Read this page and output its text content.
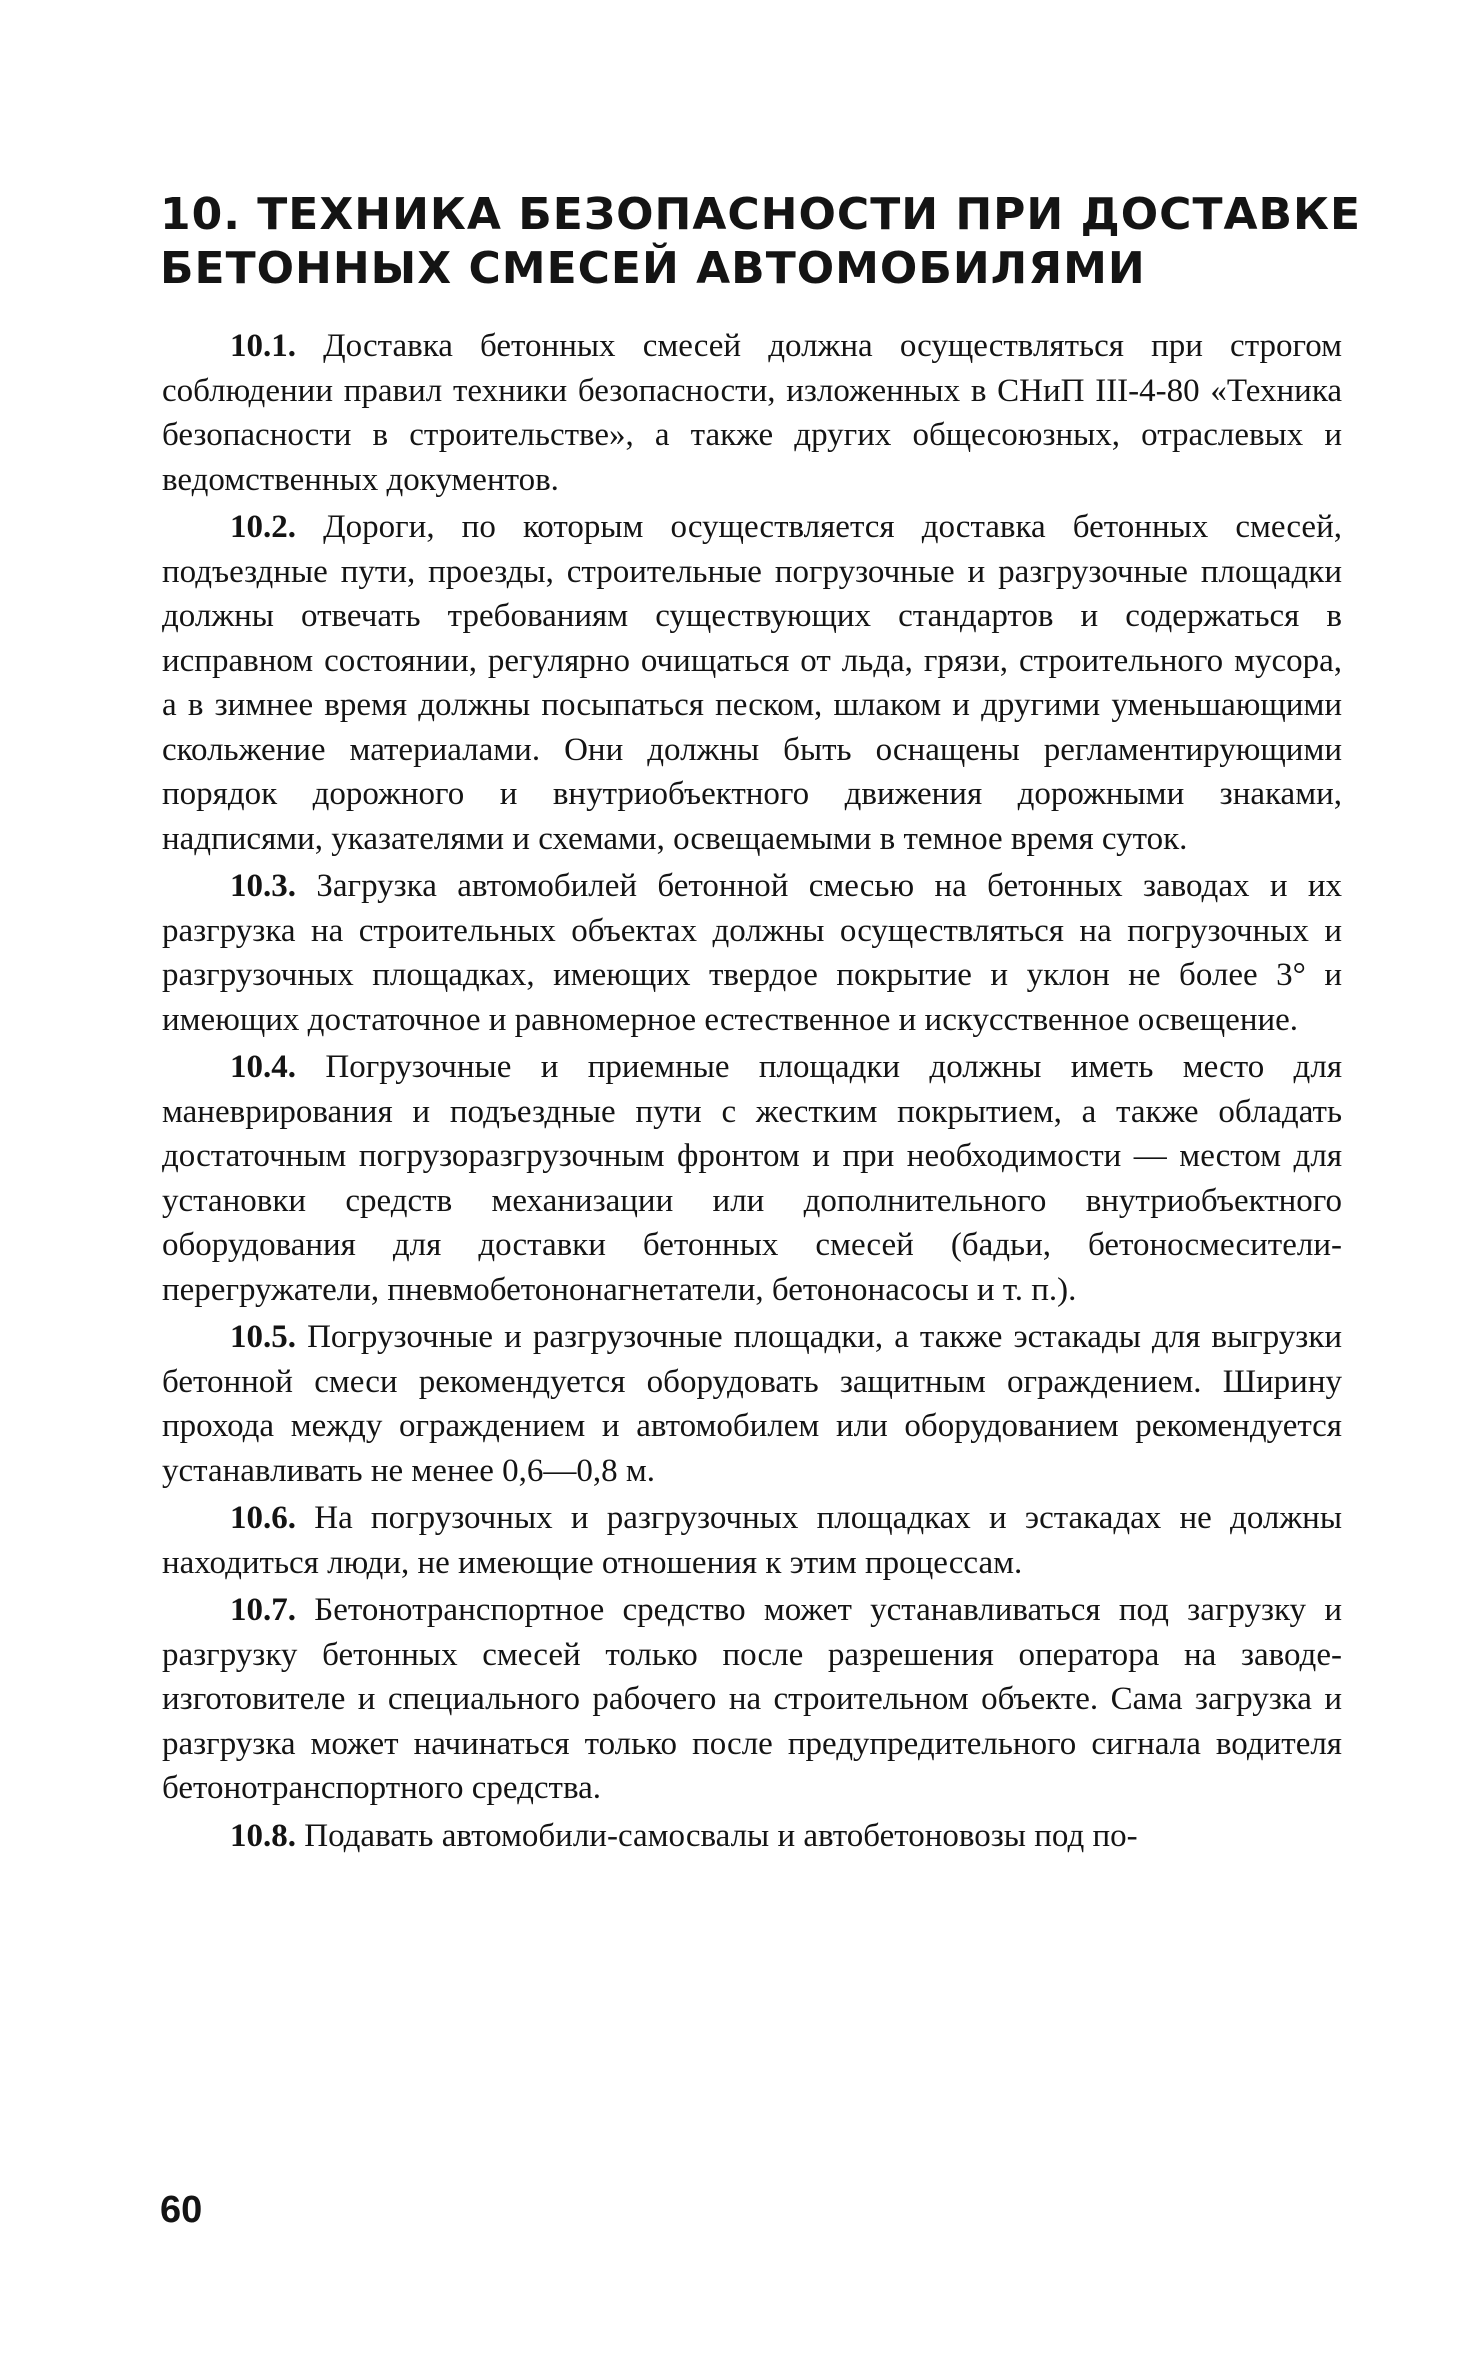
10. ТЕХНИКА БЕЗОПАСНОСТИ ПРИ ДОСТАВКЕ
БЕТОННЫХ СМЕСЕЙ АВТОМОБИЛЯМИ

10.1. Доставка бетонных смесей должна осуществляться при строгом соблюдении правил техники безопасности, изложенных в СНиП III-4-80 «Техника безопасности в строительстве», а также других общесоюзных, отраслевых и ведомственных документов.

10.2. Дороги, по которым осуществляется доставка бетонных смесей, подъездные пути, проезды, строительные погрузочные и разгрузочные площадки должны отвечать требованиям существующих стандартов и содержаться в исправном состоянии, регулярно очищаться от льда, грязи, строительного мусора, а в зимнее время должны посыпаться песком, шлаком и другими уменьшающими скольжение материалами. Они должны быть оснащены регламентирующими порядок дорожного и внутриобъектного движения дорожными знаками, надписями, указателями и схемами, освещаемыми в темное время суток.

10.3. Загрузка автомобилей бетонной смесью на бетонных заводах и их разгрузка на строительных объектах должны осуществляться на погрузочных и разгрузочных площадках, имеющих твердое покрытие и уклон не более 3° и имеющих достаточное и равномерное естественное и искусственное освещение.

10.4. Погрузочные и приемные площадки должны иметь место для маневрирования и подъездные пути с жестким покрытием, а также обладать достаточным погрузоразгрузочным фронтом и при необходимости — местом для установки средств механизации или дополнительного внутриобъектного оборудования для доставки бетонных смесей (бадьи, бетоносмесители-перегружатели, пневмобетононагнетатели, бетононасосы и т. п.).

10.5. Погрузочные и разгрузочные площадки, а также эстакады для выгрузки бетонной смеси рекомендуется оборудовать защитным ограждением. Ширину прохода между ограждением и автомобилем или оборудованием рекомендуется устанавливать не менее 0,6—0,8 м.

10.6. На погрузочных и разгрузочных площадках и эстакадах не должны находиться люди, не имеющие отношения к этим процессам.

10.7. Бетонотранспортное средство может устанавливаться под загрузку и разгрузку бетонных смесей только после разрешения оператора на заводе-изготовителе и специального рабочего на строительном объекте. Сама загрузка и разгрузка может начинаться только после предупредительного сигнала водителя бетонотранспортного средства.

10.8. Подавать автомобили-самосвалы и автобетоновозы под по-

60
